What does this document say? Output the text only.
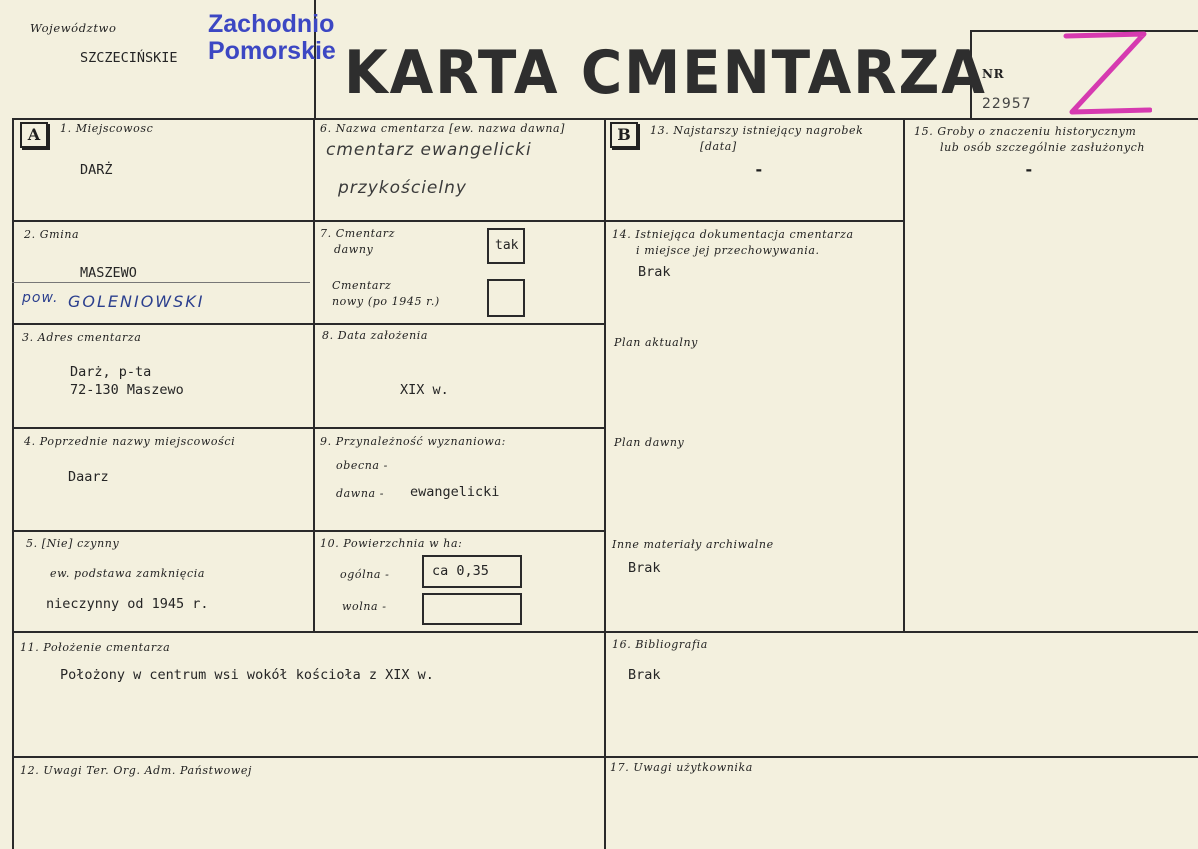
Województwo
SZCZECIŃSKIE
Zachodnio
Pomorskie KARTA CMENTARZA
NR
22957
A	B
1. Miejscowosc
DARŻ
2. Gmina
MASZEWO
pow. GOLENIOWSKI
3. Adres cmentarza
Darż, p-ta
72-130 Maszewo
4. Poprzednie nazwy miejscowości
Daarz
5. [Nie] czynny
ew. podstawa zamknięcia
nieczynny od 1945 r.
6. Nazwa cmentarza [ew. nazwa dawna]
cmentarz ewangelicki
przykościelny
7. Cmentarz
dawny	tak
Cmentarz
nowy (po 1945 r.)
8. Data założenia
XIX w.
9. Przynależność wyznaniowa:
obecna -
dawna - ewangelicki
10. Powierzchnia w ha:
ogólna -	ca 0,35
wolna -
11. Położenie cmentarza
Położony w centrum wsi wokół kościoła z XIX w.
12. Uwagi Ter. Org. Adm. Państwowej
13. Najstarszy istniejący nagrobek
[data]
-
14. Istniejąca dokumentacja cmentarza
i miejsce jej przechowywania.
Brak
Plan aktualny
Plan dawny
Inne materiały archiwalne
Brak
15. Groby o znaczeniu historycznym
lub osób szczególnie zasłużonych
-
16. Bibliografia
Brak
17. Uwagi użytkownika
